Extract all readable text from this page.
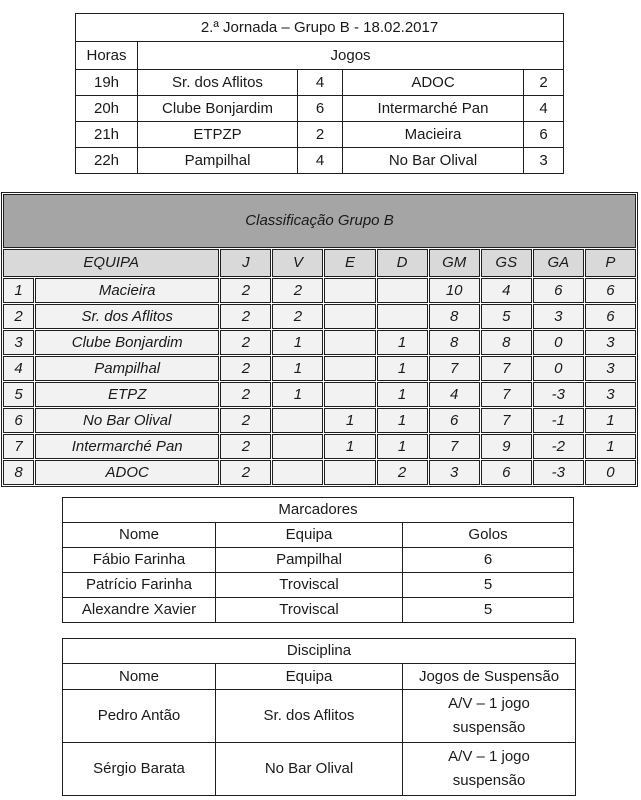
2.ª Jornada – Grupo B - 18.02.2017				
Horas	Jogos			
19h	Sr. dos Aflitos	4	ADOC	2
20h	Clube Bonjardim	6	Intermarché Pan	4
21h	ETPZP	2	Macieira	6
22h	Pampilhal	4	No Bar Olival	3
Classificação Grupo B									
EQUIPA		J	V	E	D	GM	GS	GA	P
1	Macieira	2	2			10	4	6	6
2	Sr. dos Aflitos	2	2			8	5	3	6
3	Clube Bonjardim	2	1		1	8	8	0	3
4	Pampilhal	2	1		1	7	7	0	3
5	ETPZ	2	1		1	4	7	-3	3
6	No Bar Olival	2		1	1	6	7	-1	1
7	Intermarché Pan	2		1	1	7	9	-2	1
8	ADOC	2			2	3	6	-3	0
Marcadores		
Nome	Equipa	Golos
Fábio Farinha	Pampilhal	6
Patrício Farinha	Troviscal	5
Alexandre Xavier	Troviscal	5
Disciplina		
Nome	Equipa	Jogos de Suspensão
Pedro Antão	Sr. dos Aflitos	A/V – 1 jogo suspensão
Sérgio Barata	No Bar Olival	A/V – 1 jogo suspensão
